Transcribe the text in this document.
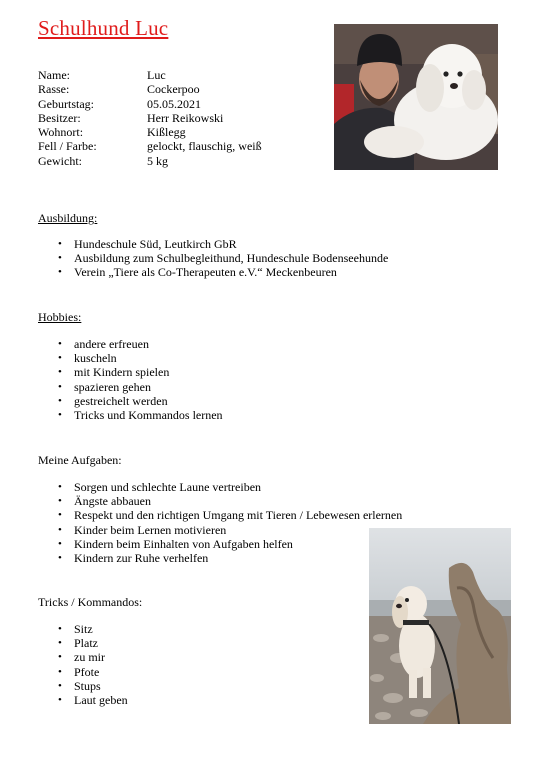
Schulhund Luc
Name:	Luc
Rasse:	Cockerpoo
Geburtstag:	05.05.2021
Besitzer:	Herr Reikowski
Wohnort:	Kißlegg
Fell / Farbe:	gelockt, flauschig, weiß
Gewicht:	5 kg
Ausbildung:
• Hundeschule Süd, Leutkirch GbR
• Ausbildung zum Schulbegleithund, Hundeschule Bodenseehunde
• Verein „Tiere als Co-Therapeuten e.V.“ Meckenbeuren
Hobbies:
• andere erfreuen
• kuscheln
• mit Kindern spielen
• spazieren gehen
• gestreichelt werden
• Tricks und Kommandos lernen
Meine Aufgaben:
• Sorgen und schlechte Laune vertreiben
• Ängste abbauen
• Respekt und den richtigen Umgang mit Tieren / Lebewesen erlernen
• Kinder beim Lernen motivieren
• Kindern beim Einhalten von Aufgaben helfen
• Kindern zur Ruhe verhelfen
Tricks / Kommandos:
• Sitz
• Platz
• zu mir
• Pfote
• Stups
• Laut geben
